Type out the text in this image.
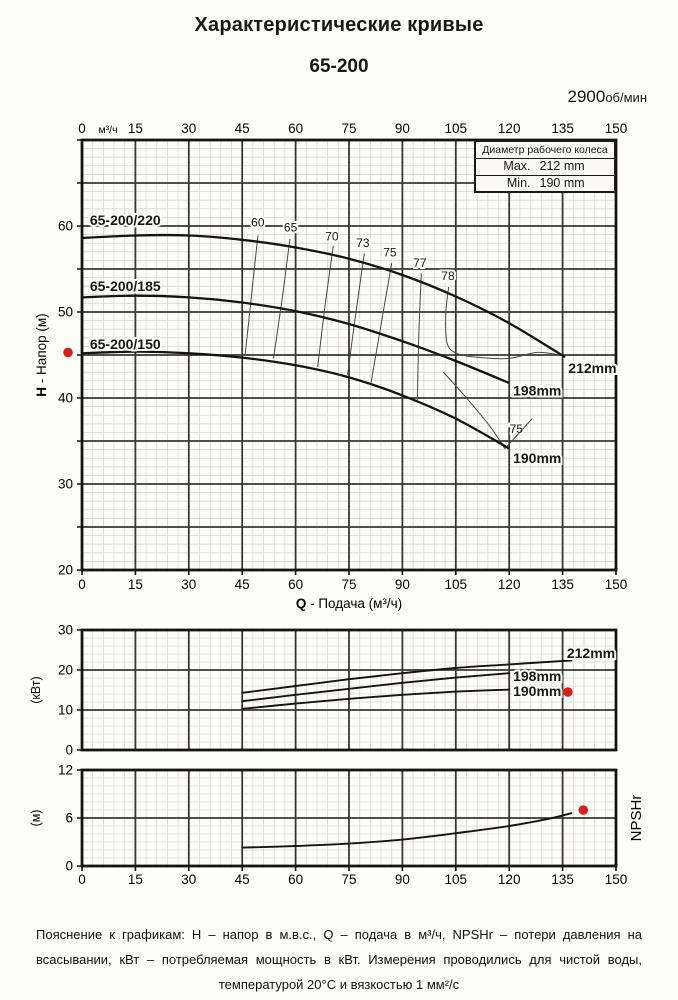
Характеристические кривые
65-200
2900об/мин
20
30
40
50
60
0	15	30	45	60	75	90	105 120 135 150
м³/ч
0	15	30	45	60	75	90	105 120 135 150
Q - Подача (м³/ч)
H - Напор (м)
60 65
70 73
75
77
78
75
65-200/220
212mm
65-200/185
198mm
65-200/150
190mm
0
10
20
30
(кВт)
212mm
198mm
190mm
0
6
12
0	15	30	45	60	75	90	105 120 135 150
(м)	NPSHr
Диаметр рабочего колеса
Max. 212 mm
Min. 190 mm
Пояснение к графикам: H – напор в м.в.с., Q – подача в м³/ч, NPSHr – потери давления на всасывании, кВт – потребляемая мощность в кВт. Измерения проводились для чистой воды, температурой 20°C и вязкостью 1 мм²/с
